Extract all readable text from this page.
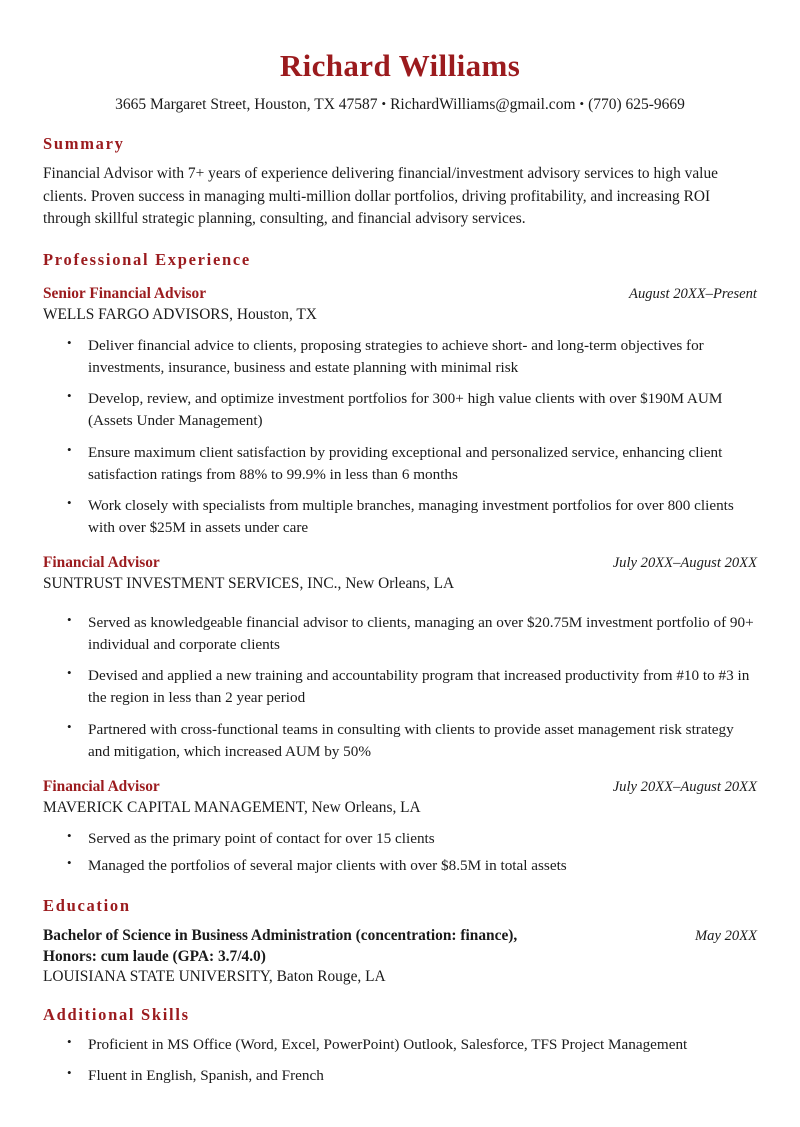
Richard Williams
3665 Margaret Street, Houston, TX 47587 • RichardWilliams@gmail.com • (770) 625-9669
Summary

Financial Advisor with 7+ years of experience delivering financial/investment advisory services to high value clients. Proven success in managing multi-million dollar portfolios, driving profitability, and increasing ROI through skillful strategic planning, consulting, and financial advisory services.

Professional Experience
Senior Financial Advisor	August 20XX–Present
WELLS FARGO ADVISORS, Houston, TX
• Deliver financial advice to clients, proposing strategies to achieve short- and long-term objectives for investments, insurance, business and estate planning with minimal risk
• Develop, review, and optimize investment portfolios for 300+ high value clients with over $190M AUM (Assets Under Management)
• Ensure maximum client satisfaction by providing exceptional and personalized service, enhancing client satisfaction ratings from 88% to 99.9% in less than 6 months
• Work closely with specialists from multiple branches, managing investment portfolios for over 800 clients with over $25M in assets under care
Financial Advisor	July 20XX–August 20XX
SUNTRUST INVESTMENT SERVICES, INC., New Orleans, LA
• Served as knowledgeable financial advisor to clients, managing an over $20.75M investment portfolio of 90+ individual and corporate clients
• Devised and applied a new training and accountability program that increased productivity from #10 to #3 in the region in less than 2 year period
• Partnered with cross-functional teams in consulting with clients to provide asset management risk strategy and mitigation, which increased AUM by 50%
Financial Advisor	July 20XX–August 20XX
MAVERICK CAPITAL MANAGEMENT, New Orleans, LA
• Served as the primary point of contact for over 15 clients
• Managed the portfolios of several major clients with over $8.5M in total assets
Education
Bachelor of Science in Business Administration (concentration: finance),
Honors: cum laude (GPA: 3.7/4.0)
May 20XX
LOUISIANA STATE UNIVERSITY, Baton Rouge, LA
Additional Skills
• Proficient in MS Office (Word, Excel, PowerPoint) Outlook, Salesforce, TFS Project Management
• Fluent in English, Spanish, and French
